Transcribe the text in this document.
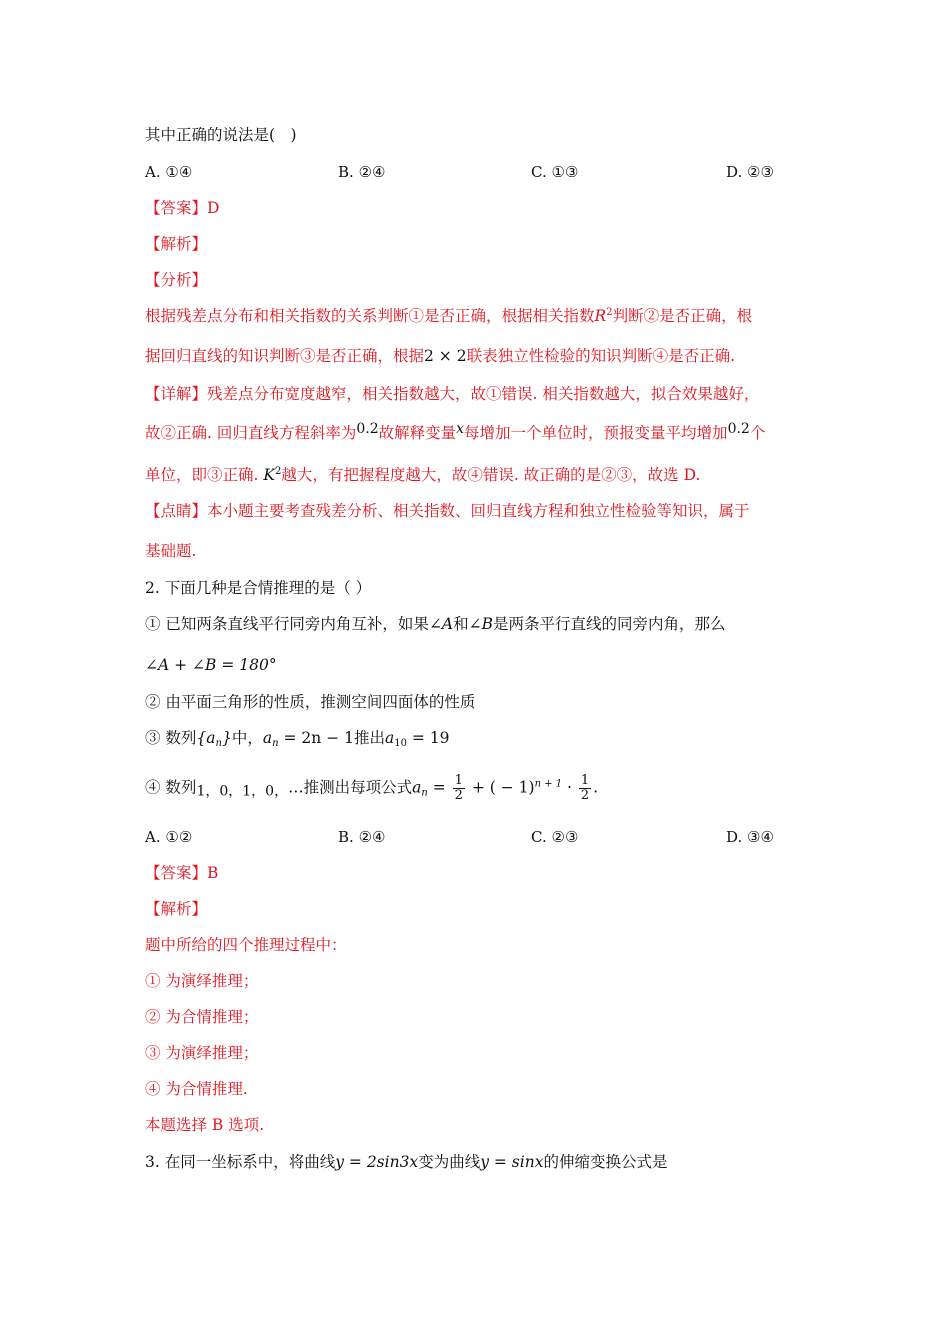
其中正确的说法是(　)
A. ①④	B. ②④	C. ①③	D. ②③
【答案】D
【解析】
【分析】
根据残差点分布和相关指数的关系判断①是否正确，根据相关指数$R^2$判断②是否正确，根
据回归直线的知识判断③是否正确，根据2 × 2联表独立性检验的知识判断④是否正确.
【详解】残差点分布宽度越窄，相关指数越大，故①错误. 相关指数越大，拟合效果越好，
故②正确. 回归直线方程斜率为$^{0.2}$故解释变量$^x$每增加一个单位时，预报变量平均增加$^{0.2}$个
单位，即③正确. $K^2$越大，有把握程度越大，故④错误. 故正确的是②③，故选 D.
【点睛】本小题主要考查残差分析、相关指数、回归直线方程和独立性检验等知识，属于
基础题.
2. 下面几种是合情推理的是（ ）
① 已知两条直线平行同旁内角互补，如果∠A和∠B是两条平行直线的同旁内角，那么
∠A + ∠B = 180°
② 由平面三角形的性质，推测空间四面体的性质
③ 数列$\{a_n\}$中，$a_n = 2n - 1$推出$a_{10} = 19$
④ 数列1，0，1，0，…推测出每项公式$a_n = \frac{1}{2}$ + ( − $1)^{n + 1} \cdot \frac{1}{2}$ .
A. ①②	B. ②④	C. ②③	D. ③④
【答案】B
【解析】
题中所给的四个推理过程中：
① 为演绎推理；
② 为合情推理；
③ 为演绎推理；
④ 为合情推理.
本题选择 B 选项.
3. 在同一坐标系中，将曲线y = 2sin3x变为曲线y = sinx的伸缩变换公式是
